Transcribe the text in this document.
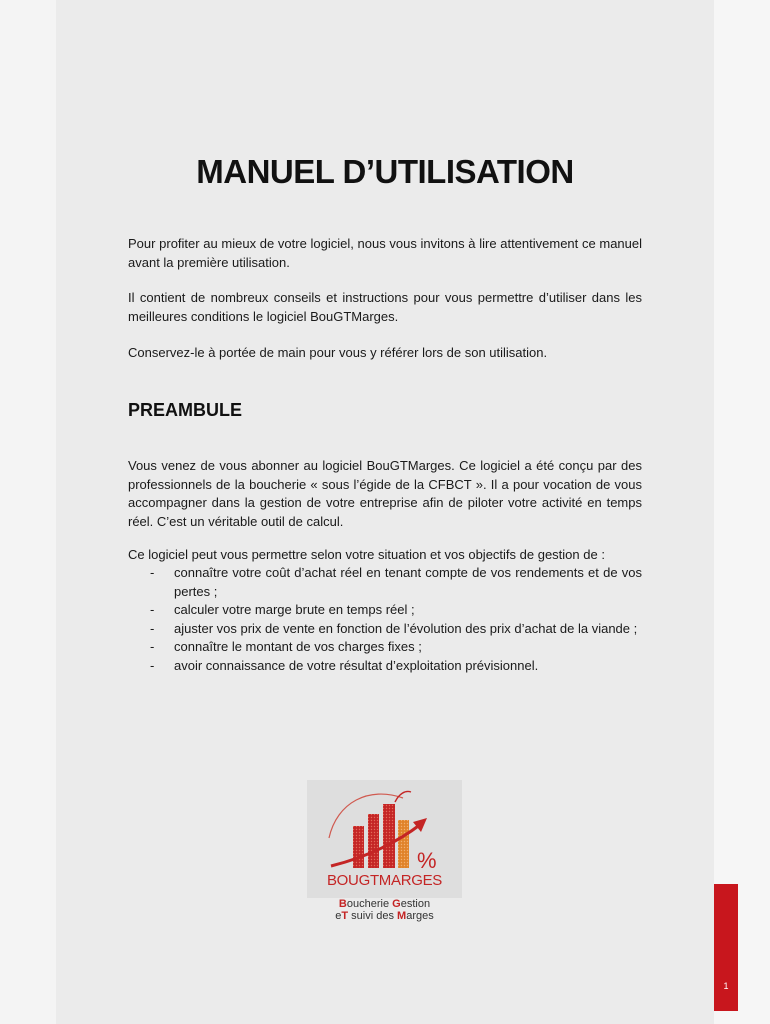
MANUEL D’UTILISATION

Pour profiter au mieux de votre logiciel, nous vous invitons à lire attentivement ce manuel avant la première utilisation.

Il contient de nombreux conseils et instructions pour vous permettre d’utiliser dans les meilleures conditions le logiciel BouGTMarges.

Conservez-le à portée de main pour vous y référer lors de son utilisation.

PREAMBULE

Vous venez de vous abonner au logiciel BouGTMarges. Ce logiciel a été conçu par des professionnels de la boucherie « sous l’égide de la CFBCT ». Il a pour vocation de vous accompagner dans la gestion de votre entreprise afin de piloter votre activité en temps réel. C’est un véritable outil de calcul.

Ce logiciel peut vous permettre selon votre situation et vos objectifs de gestion de :

- connaître votre coût d’achat réel en tenant compte de vos rendements et de vos pertes ;
- calculer votre marge brute en temps réel ;
- ajuster vos prix de vente en fonction de l’évolution des prix d’achat de la viande ;
- connaître le montant de vos charges fixes ;
- avoir connaissance de votre résultat d’exploitation prévisionnel.
%
BOUGTMARGES
Boucherie Gestion
eT suivi des Marges
1
